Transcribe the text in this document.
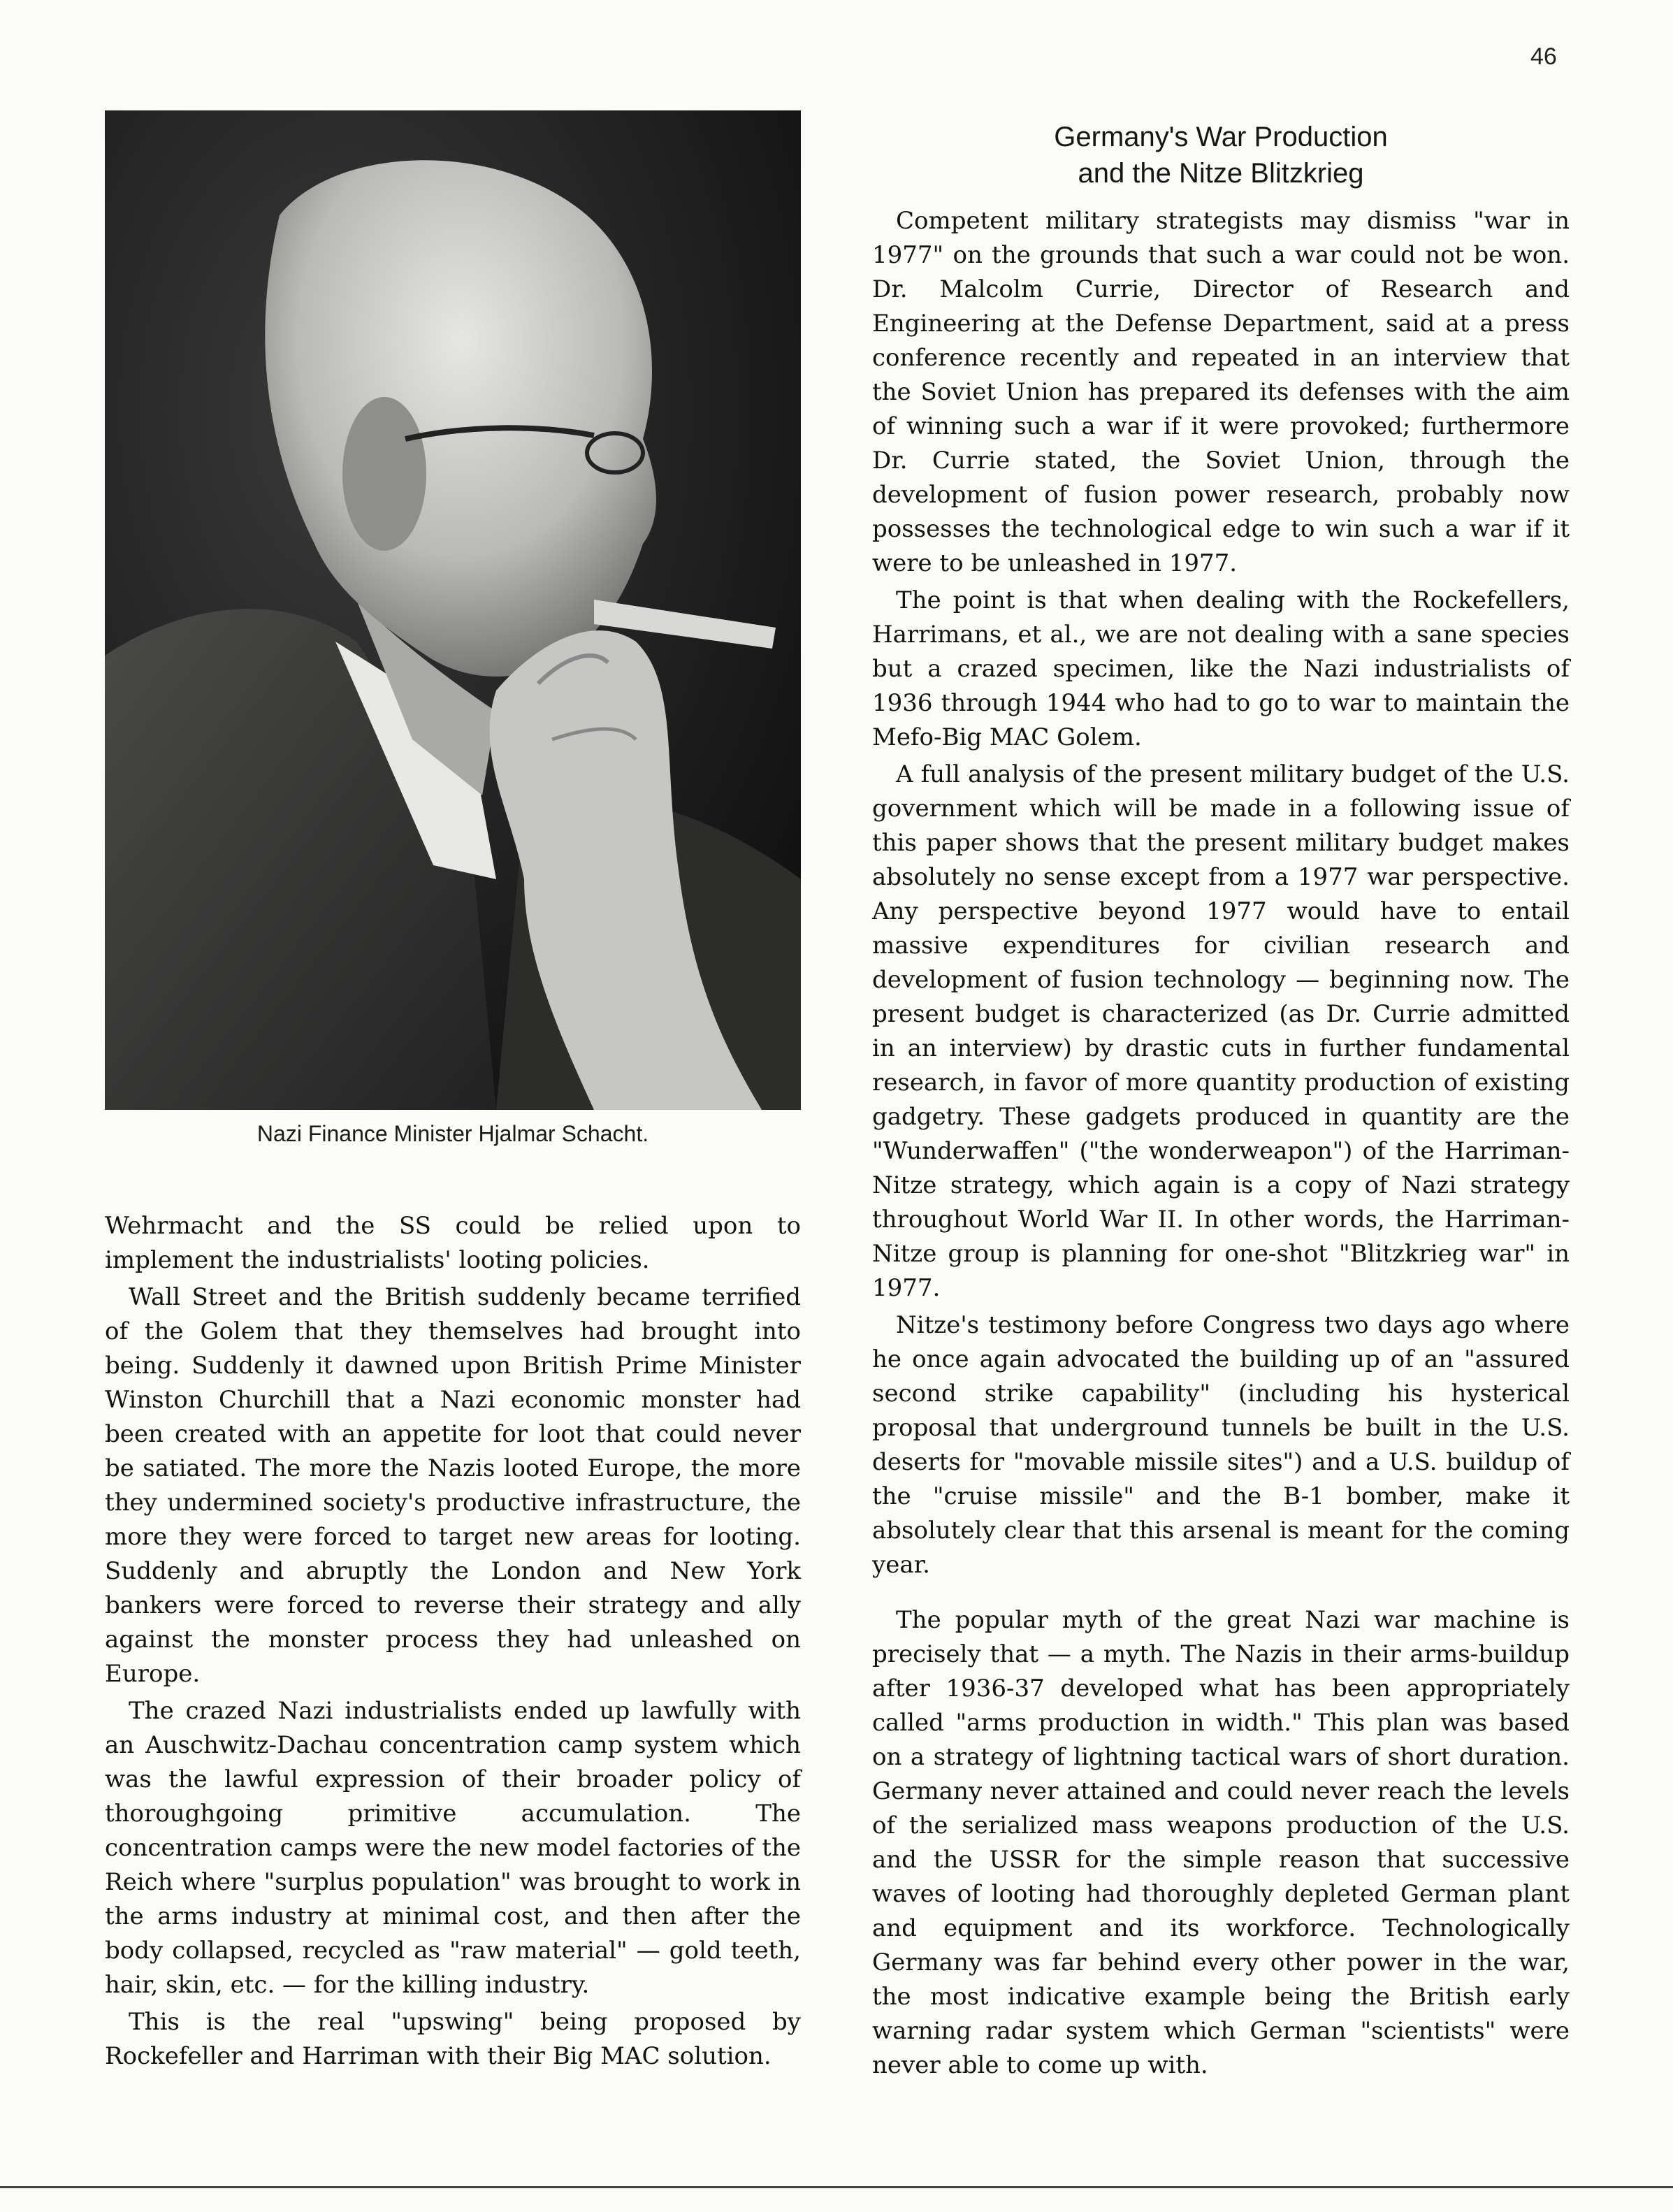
46
Nazi Finance Minister Hjalmar Schacht.
Germany's War Production
and the Nitze Blitzkrieg

Wehrmacht and the SS could be relied upon to implement the industrialists' looting policies.

Wall Street and the British suddenly became terrified of the Golem that they themselves had brought into being. Suddenly it dawned upon British Prime Minister Winston Churchill that a Nazi economic monster had been created with an appetite for loot that could never be satiated. The more the Nazis looted Europe, the more they undermined society's productive infrastructure, the more they were forced to target new areas for looting. Suddenly and abruptly the London and New York bankers were forced to reverse their strategy and ally against the monster process they had unleashed on Europe.

The crazed Nazi industrialists ended up lawfully with an Auschwitz-Dachau concentration camp system which was the lawful expression of their broader policy of thoroughgoing primitive accumulation. The concentration camps were the new model factories of the Reich where "surplus population" was brought to work in the arms industry at minimal cost, and then after the body collapsed, recycled as "raw material" — gold teeth, hair, skin, etc. — for the killing industry.

This is the real "upswing" being proposed by Rockefeller and Harriman with their Big MAC solution.

Competent military strategists may dismiss "war in 1977" on the grounds that such a war could not be won. Dr. Malcolm Currie, Director of Research and Engineering at the Defense Department, said at a press conference recently and repeated in an interview that the Soviet Union has prepared its defenses with the aim of winning such a war if it were provoked; furthermore Dr. Currie stated, the Soviet Union, through the development of fusion power research, probably now possesses the technological edge to win such a war if it were to be unleashed in 1977.

The point is that when dealing with the Rockefellers, Harrimans, et al., we are not dealing with a sane species but a crazed specimen, like the Nazi industrialists of 1936 through 1944 who had to go to war to maintain the Mefo-Big MAC Golem.

A full analysis of the present military budget of the U.S. government which will be made in a following issue of this paper shows that the present military budget makes absolutely no sense except from a 1977 war perspective. Any perspective beyond 1977 would have to entail massive expenditures for civilian research and development of fusion technology — beginning now. The present budget is characterized (as Dr. Currie admitted in an interview) by drastic cuts in further fundamental research, in favor of more quantity production of existing gadgetry. These gadgets produced in quantity are the "Wunderwaffen" ("the wonderweapon") of the Harriman-Nitze strategy, which again is a copy of Nazi strategy throughout World War II. In other words, the Harriman-Nitze group is planning for one-shot "Blitzkrieg war" in 1977.

Nitze's testimony before Congress two days ago where he once again advocated the building up of an "assured second strike capability" (including his hysterical proposal that underground tunnels be built in the U.S. deserts for "movable missile sites") and a U.S. buildup of the "cruise missile" and the B-1 bomber, make it absolutely clear that this arsenal is meant for the coming year.

The popular myth of the great Nazi war machine is precisely that — a myth. The Nazis in their arms-buildup after 1936-37 developed what has been appropriately called "arms production in width." This plan was based on a strategy of lightning tactical wars of short duration. Germany never attained and could never reach the levels of the serialized mass weapons production of the U.S. and the USSR for the simple reason that successive waves of looting had thoroughly depleted German plant and equipment and its workforce. Technologically Germany was far behind every other power in the war, the most indicative example being the British early warning radar system which German "scientists" were never able to come up with.
